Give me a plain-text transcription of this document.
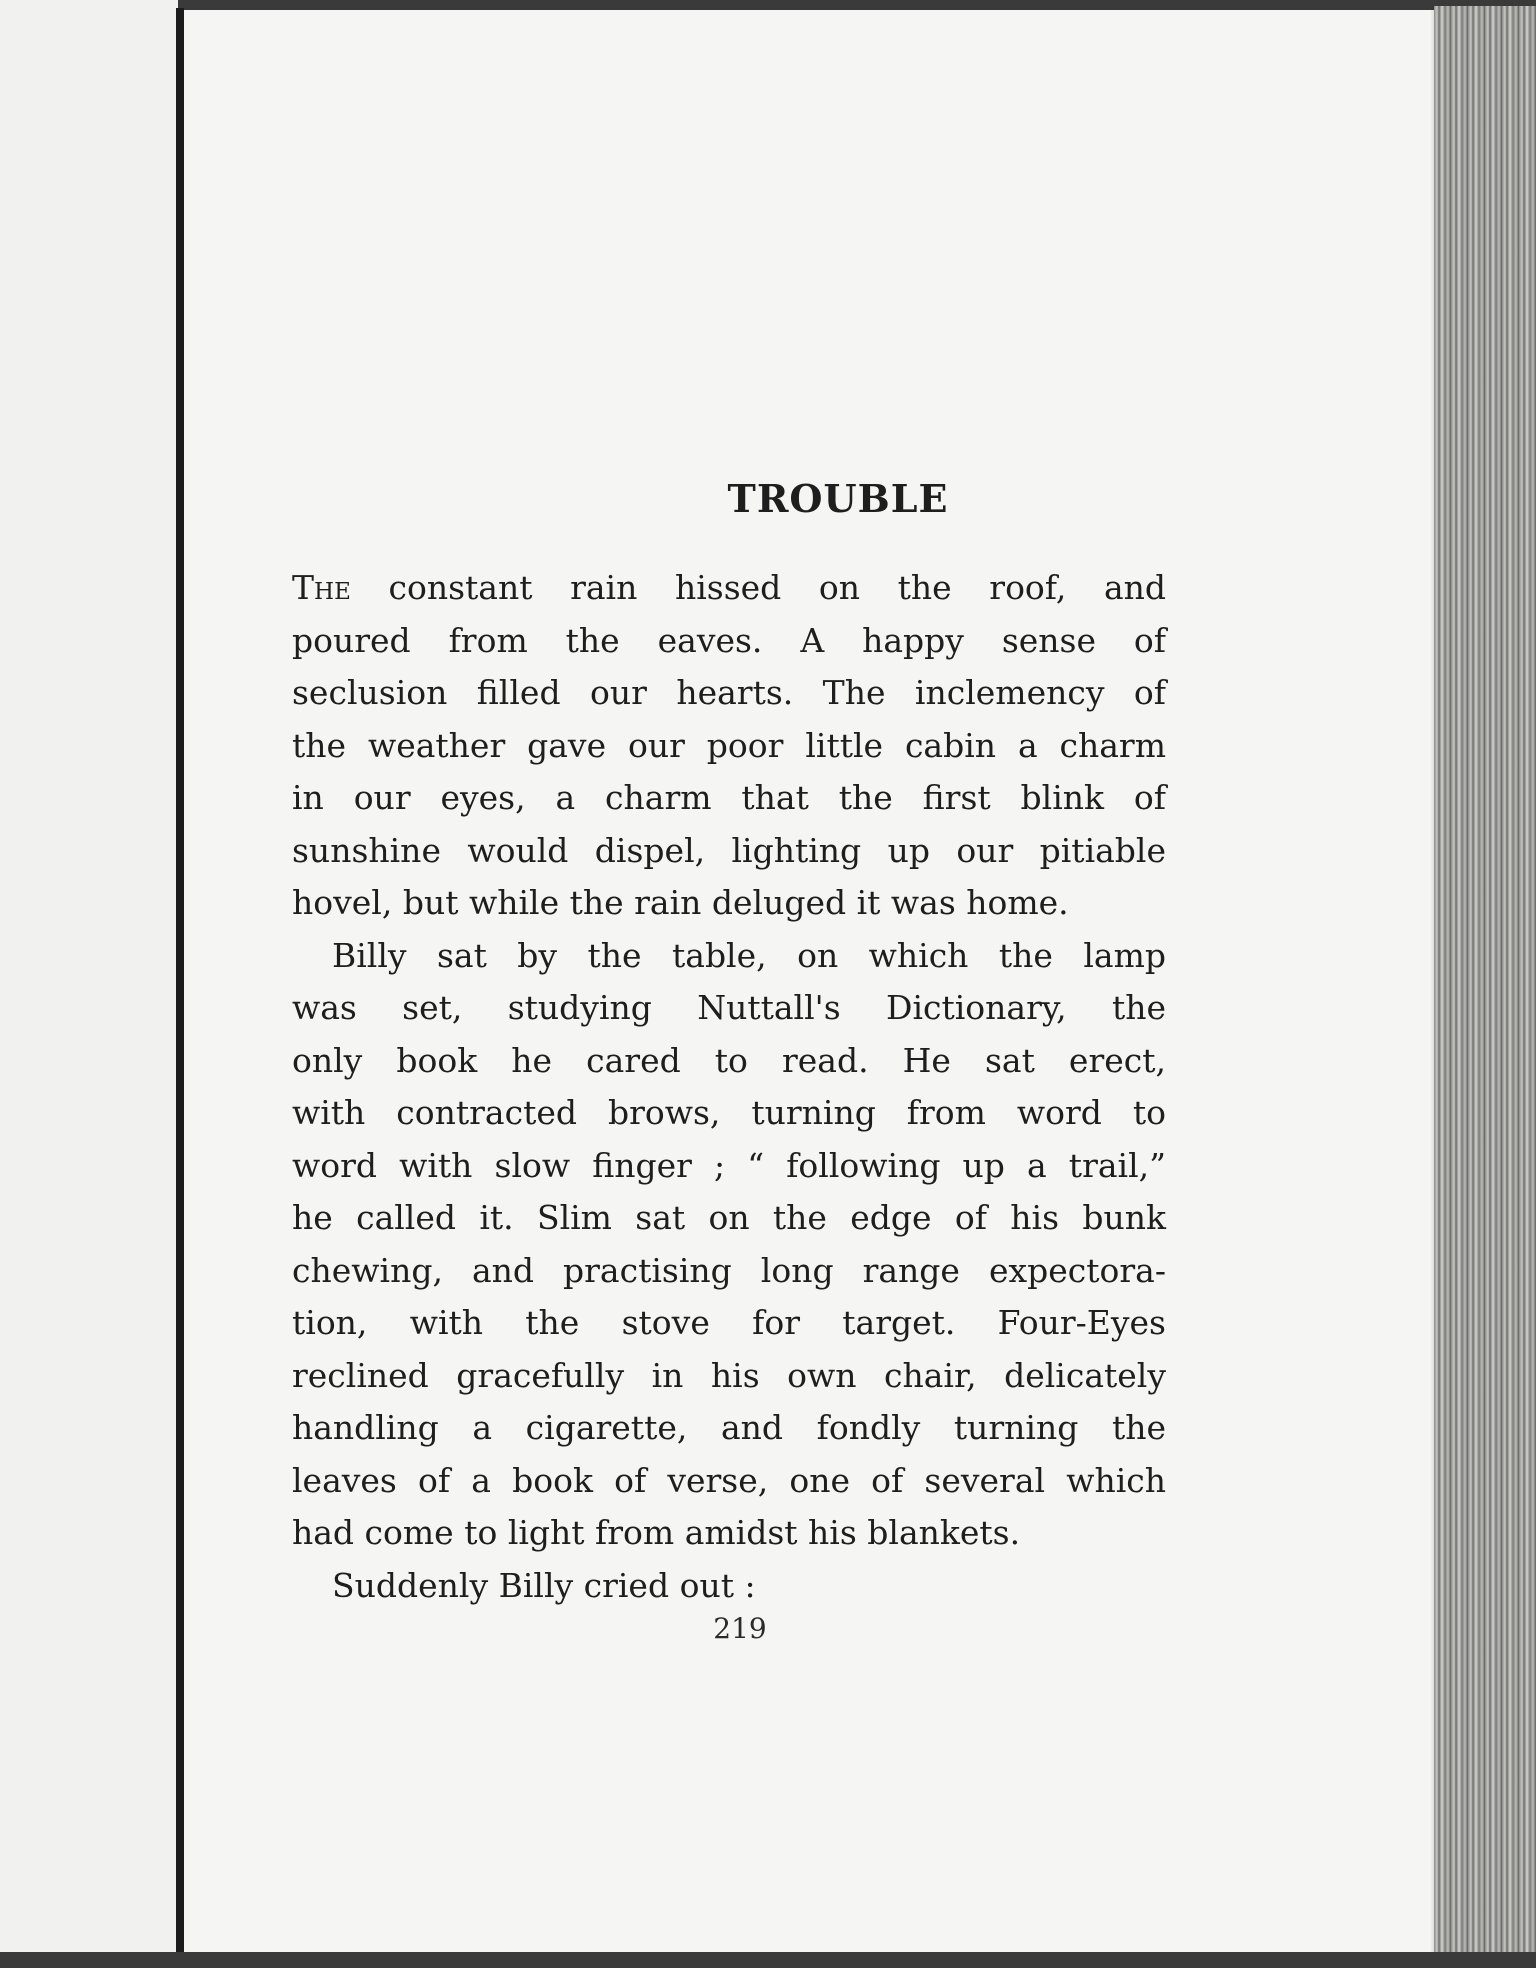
TROUBLE
The constant rain hissed on the roof, and
poured from the eaves. A happy sense of
seclusion filled our hearts. The inclemency of
the weather gave our poor little cabin a charm
in our eyes, a charm that the first blink of
sunshine would dispel, lighting up our pitiable
hovel, but while the rain deluged it was home.
Billy sat by the table, on which the lamp
was set, studying Nuttall's Dictionary, the
only book he cared to read. He sat erect,
with contracted brows, turning from word to
word with slow finger ; “ following up a trail,”
he called it. Slim sat on the edge of his bunk
chewing, and practising long range expectora-
tion, with the stove for target. Four-Eyes
reclined gracefully in his own chair, delicately
handling a cigarette, and fondly turning the
leaves of a book of verse, one of several which
had come to light from amidst his blankets.
Suddenly Billy cried out :
219
